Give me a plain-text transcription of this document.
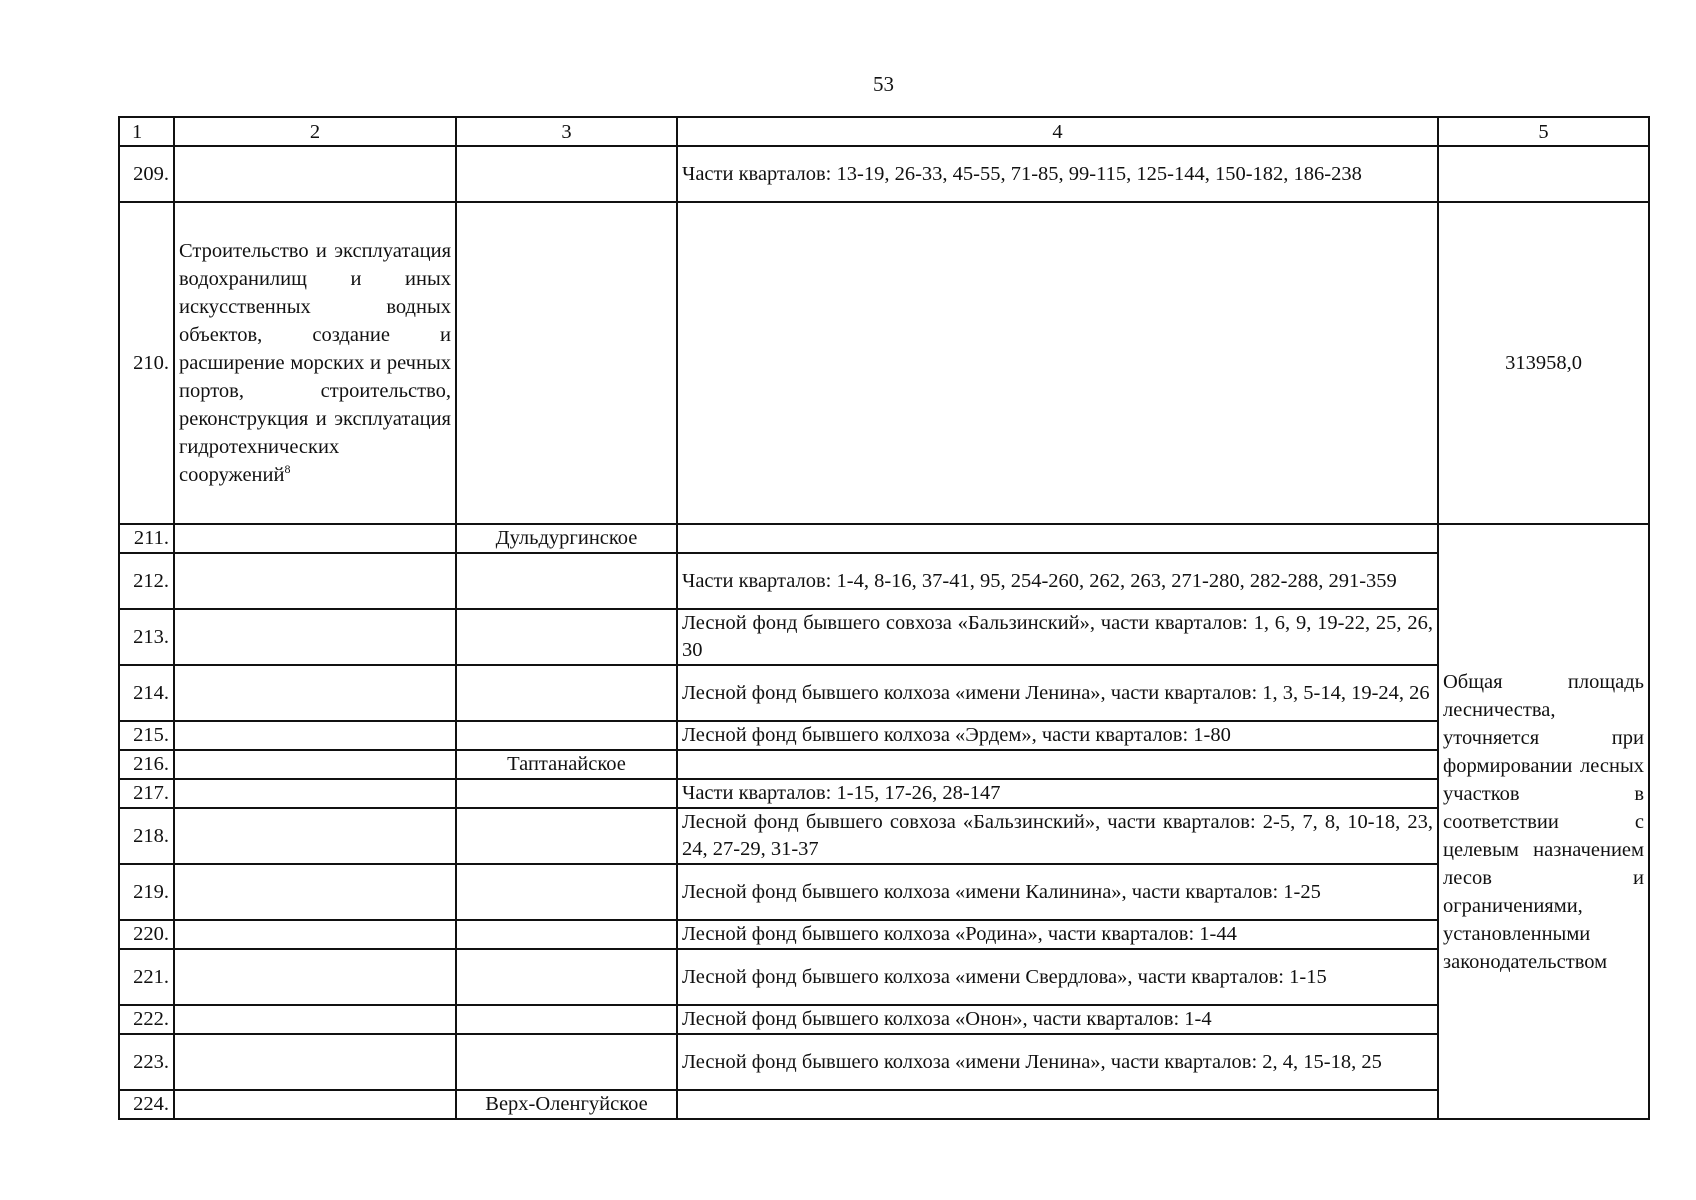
53
1	2	3	4	5
209.			Части кварталов: 13-19, 26-33, 45-55, 71-85, 99-115, 125-144, 150-182, 186-238	
210.	Строительство и эксплуатация водохранилищ и иных искусственных водных объектов, создание и расширение морских и речных портов, строительство, реконструкция и эксплуатация гидротехнических сооружений$^8$			313958,0
211.		Дульдургинское		Общая площадь лесничества, уточняется при формировании лесных участков в соответствии с целевым назначением лесов и ограничениями, установленными законодательством
212.			Части кварталов: 1-4, 8-16, 37-41, 95, 254-260, 262, 263, 271-280, 282-288, 291-359	
213.			Лесной фонд бывшего совхоза «Бальзинский», части кварталов: 1, 6, 9, 19-22, 25, 26, 30	
214.			Лесной фонд бывшего колхоза «имени Ленина», части кварталов: 1, 3, 5-14, 19-24, 26	
215.			Лесной фонд бывшего колхоза «Эрдем», части кварталов: 1-80	
216.		Таптанайское		
217.			Части кварталов: 1-15, 17-26, 28-147	
218.			Лесной фонд бывшего совхоза «Бальзинский», части кварталов: 2-5, 7, 8, 10-18, 23, 24, 27-29, 31-37	
219.			Лесной фонд бывшего колхоза «имени Калинина», части кварталов: 1-25	
220.			Лесной фонд бывшего колхоза «Родина», части кварталов: 1-44	
221.			Лесной фонд бывшего колхоза «имени Свердлова», части кварталов: 1-15	
222.			Лесной фонд бывшего колхоза «Онон», части кварталов: 1-4	
223.			Лесной фонд бывшего колхоза «имени Ленина», части кварталов: 2, 4, 15-18, 25	
224.		Верх-Оленгуйское		
